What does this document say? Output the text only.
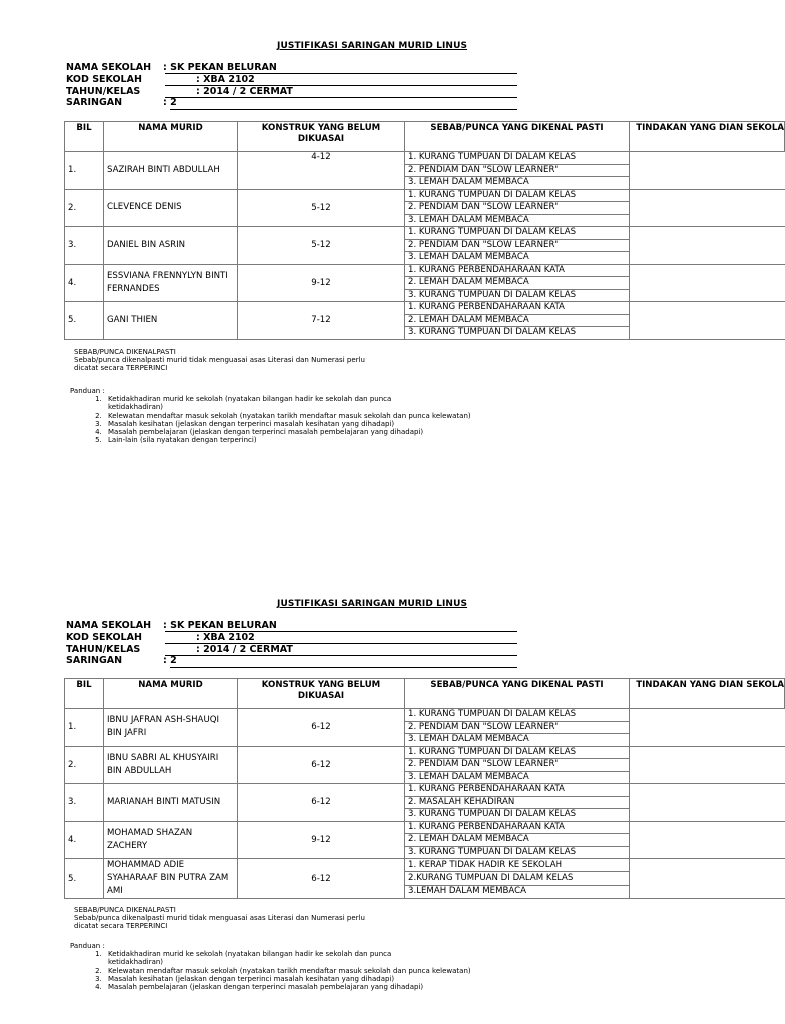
JUSTIFIKASI SARINGAN MURID LINUS
NAMA SEKOLAH : SK PEKAN BELURAN
KOD SEKOLAH	: XBA 2102
TAHUN/KELAS	: 2014 / 2 CERMAT
SARINGAN	: 2
BIL	NAMA MURID	KONSTRUK YANG BELUM DIKUASAI	SEBAB/PUNCA YANG DIKENAL PASTI	TINDAKAN YANG DIAN SEKOLA
1.	SAZIRAH BINTI ABDULLAH	4-12	1. KURANG TUMPUAN DI DALAM KELAS	
			2. PENDIAM DAN "SLOW LEARNER"	
			3. LEMAH DALAM MEMBACA	
2.	CLEVENCE DENIS	5-12	1. KURANG TUMPUAN DI DALAM KELAS	
			2. PENDIAM DAN "SLOW LEARNER"	
			3. LEMAH DALAM MEMBACA	
3.	DANIEL BIN ASRIN	5-12	1. KURANG TUMPUAN DI DALAM KELAS	
			2. PENDIAM DAN "SLOW LEARNER"	
			3. LEMAH DALAM MEMBACA	
4.	ESSVIANA FRENNYLYN BINTI FERNANDES	9-12	1. KURANG PERBENDAHARAAN KATA	
			2. LEMAH DALAM MEMBACA	
			3. KURANG TUMPUAN DI DALAM KELAS	
5.	GANI THIEN	7-12	1. KURANG PERBENDAHARAAN KATA	
			2. LEMAH DALAM MEMBACA	
			3. KURANG TUMPUAN DI DALAM KELAS	
SEBAB/PUNCA DIKENALPASTI
Sebab/punca dikenalpasti murid tidak menguasai asas Literasi dan Numerasi perlu
dicatat secara TERPERINCI
Panduan :
1. Ketidakhadiran murid ke sekolah (nyatakan bilangan hadir ke sekolah dan punca ketidakhadiran)
2. Kelewatan mendaftar masuk sekolah (nyatakan tarikh mendaftar masuk sekolah dan punca kelewatan)
3. Masalah kesihatan (jelaskan dengan terperinci masalah kesihatan yang dihadapi)
4. Masalah pembelajaran (jelaskan dengan terperinci masalah pembelajaran yang dihadapi)
5. Lain-lain (sila nyatakan dengan terperinci)
JUSTIFIKASI SARINGAN MURID LINUS
NAMA SEKOLAH : SK PEKAN BELURAN
KOD SEKOLAH	: XBA 2102
TAHUN/KELAS	: 2014 / 2 CERMAT
SARINGAN	: 2
BIL	NAMA MURID	KONSTRUK YANG BELUM DIKUASAI	SEBAB/PUNCA YANG DIKENAL PASTI	TINDAKAN YANG DIAN SEKOLA
1.	IBNU JAFRAN ASH-SHAUQI BIN JAFRI	6-12	1. KURANG TUMPUAN DI DALAM KELAS	
			2. PENDIAM DAN "SLOW LEARNER"	
			3. LEMAH DALAM MEMBACA	
2.	IBNU SABRI AL KHUSYAIRI BIN ABDULLAH	6-12	1. KURANG TUMPUAN DI DALAM KELAS	
			2. PENDIAM DAN "SLOW LEARNER"	
			3. LEMAH DALAM MEMBACA	
3.	MARIANAH BINTI MATUSIN	6-12	1. KURANG PERBENDAHARAAN KATA	
			2. MASALAH KEHADIRAN	
			3. KURANG TUMPUAN DI DALAM KELAS	
4.	MOHAMAD SHAZAN ZACHERY	9-12	1. KURANG PERBENDAHARAAN KATA	
			2. LEMAH DALAM MEMBACA	
			3. KURANG TUMPUAN DI DALAM KELAS	
5.	MOHAMMAD ADIE SYAHARAAF BIN PUTRA ZAM AMI	6-12	1. KERAP TIDAK HADIR KE SEKOLAH	
			2.KURANG TUMPUAN DI DALAM KELAS	
			3.LEMAH DALAM MEMBACA	
SEBAB/PUNCA DIKENALPASTI
Sebab/punca dikenalpasti murid tidak menguasai asas Literasi dan Numerasi perlu
dicatat secara TERPERINCI
Panduan :
1. Ketidakhadiran murid ke sekolah (nyatakan bilangan hadir ke sekolah dan punca ketidakhadiran)
2. Kelewatan mendaftar masuk sekolah (nyatakan tarikh mendaftar masuk sekolah dan punca kelewatan)
3. Masalah kesihatan (jelaskan dengan terperinci masalah kesihatan yang dihadapi)
4. Masalah pembelajaran (jelaskan dengan terperinci masalah pembelajaran yang dihadapi)
